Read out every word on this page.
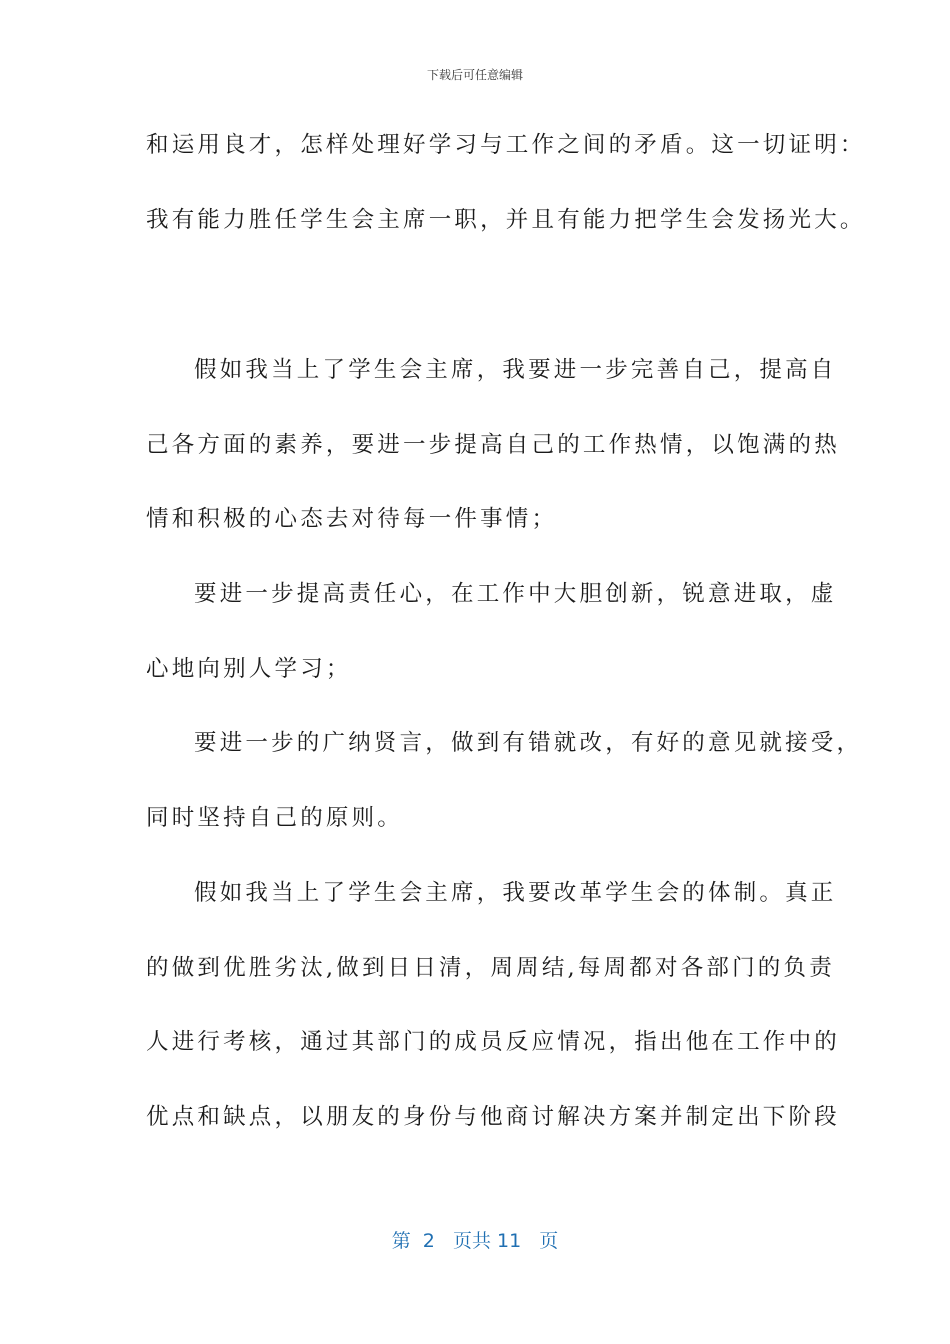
下载后可任意编辑
和运用良才，怎样处理好学习与工作之间的矛盾。这一切证明：
我有能力胜任学生会主席一职，并且有能力把学生会发扬光大。
假如我当上了学生会主席，我要进一步完善自己，提高自
己各方面的素养，要进一步提高自己的工作热情，以饱满的热
情和积极的心态去对待每一件事情；
要进一步提高责任心，在工作中大胆创新，锐意进取，虚
心地向别人学习；
要进一步的广纳贤言，做到有错就改，有好的意见就接受，
同时坚持自己的原则。
假如我当上了学生会主席，我要改革学生会的体制。真正
的做到优胜劣汰,做到日日清，周周结,每周都对各部门的负责
人进行考核，通过其部门的成员反应情况，指出他在工作中的
优点和缺点，以朋友的身份与他商讨解决方案并制定出下阶段
第  2   页共 11   页
